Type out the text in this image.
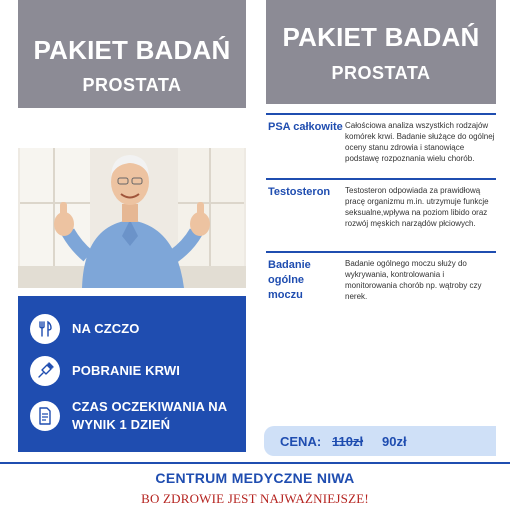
PAKIET BADAŃ
PROSTATA
PAKIET BADAŃ
PROSTATA
NA CZCZO
POBRANIE KRWI
CZAS OCZEKIWANIA NA WYNIK 1 DZIEŃ
PSA całkowite Całościowa analiza wszystkich rodzajów komórek krwi. Badanie służące do ogólnej oceny stanu zdrowia i stanowiące podstawę rozpoznania wielu chorób.
Testosteron	Testosteron odpowiada za prawidłową pracę organizmu m.in. utrzymuje funkcje seksualne,wpływa na poziom libido oraz rozwój męskich narządów płciowych.
Badanie ogólne moczu
Badanie ogólnego moczu służy do wykrywania, kontrolowania i monitorowania chorób np. wątroby czy nerek.
CENA: 110zł 90zł
CENTRUM MEDYCZNE NIWA
BO ZDROWIE JEST NAJWAŻNIEJSZE!
